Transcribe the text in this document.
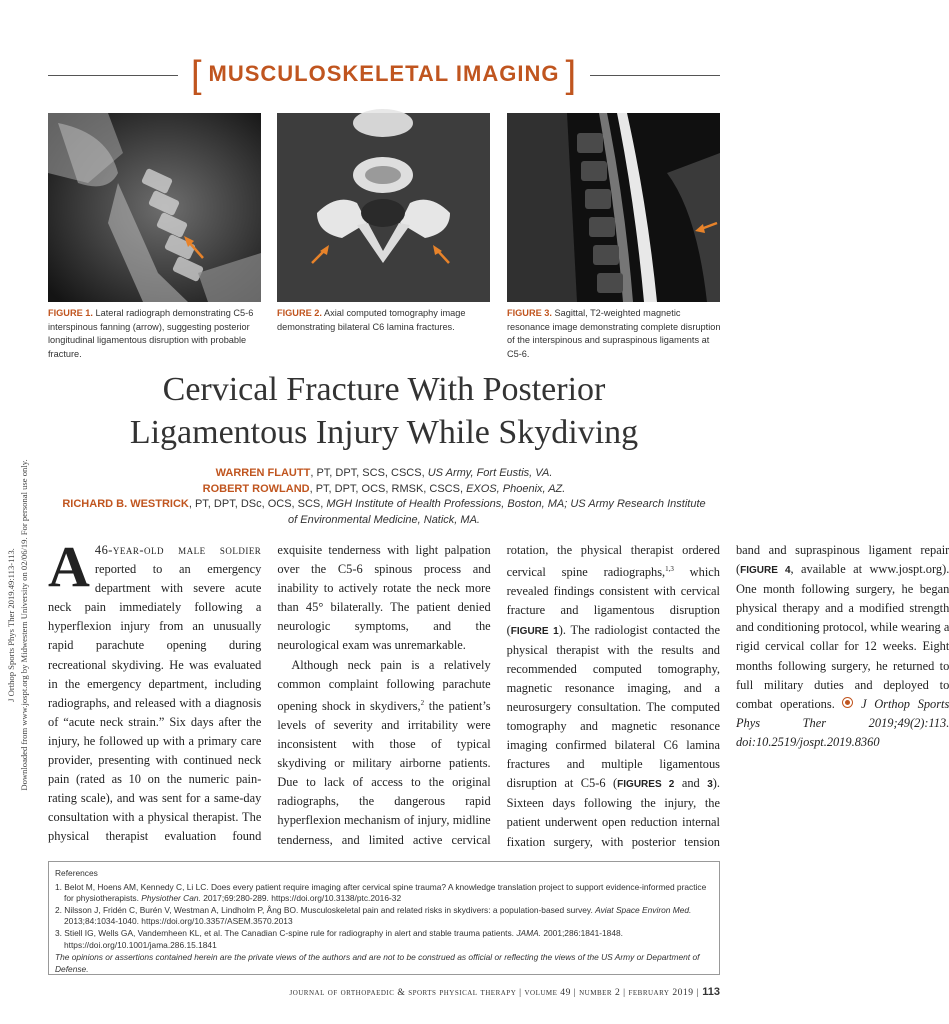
[ MUSCULOSKELETAL IMAGING ]
FIGURE 1. Lateral radiograph demonstrating C5-6 interspinous fanning (arrow), suggesting posterior longitudinal ligamentous disruption with probable fracture.
FIGURE 2. Axial computed tomography image demonstrating bilateral C6 lamina fractures.
FIGURE 3. Sagittal, T2-weighted magnetic resonance image demonstrating complete disruption of the interspinous and supraspinous ligaments at C5-6.
J Orthop Sports Phys Ther 2019.49:113-113. Downloaded from www.jospt.org by Midwestern University on 02/06/19. For personal use only.
Cervical Fracture With Posterior
Ligamentous Injury While Skydiving
WARREN FLAUTT, PT, DPT, SCS, CSCS, US Army, Fort Eustis, VA.
ROBERT ROWLAND, PT, DPT, OCS, RMSK, CSCS, EXOS, Phoenix, AZ.
RICHARD B. WESTRICK, PT, DPT, DSc, OCS, SCS, MGH Institute of Health Professions, Boston, MA; US Army Research Institute
of Environmental Medicine, Natick, MA.

A 46-year-old male soldier reported to an emergency department with severe acute neck pain immediately following a hyperflexion injury from an unusually rapid parachute opening during recreational skydiving. He was evaluated in the emergency department, including radiographs, and released with a diagnosis of “acute neck strain.” Six days after the injury, he followed up with a primary care provider, presenting with continued neck pain (rated as 10 on the numeric pain-rating scale), and was sent for a same-day consultation with a physical therapist. The physical therapist evaluation found exquisite tenderness with light palpation over the C5-6 spinous process and inability to actively rotate the neck more than 45° bilaterally. The patient denied neurologic symptoms, and the neurological exam was unremarkable.

Although neck pain is a relatively common complaint following parachute opening shock in skydivers,$^2$ the patient’s levels of severity and irritability were inconsistent with those of typical skydiving or military airborne patients. Due to lack of access to the original radiographs, the dangerous rapid hyperflexion mechanism of injury, midline tenderness, and limited active cervical rotation, the physical therapist ordered cervical spine radiographs,$^{1,3}$ which revealed findings consistent with cervical fracture and ligamentous disruption (FIGURE 1). The radiologist contacted the physical therapist with the results and recommended computed tomography, magnetic resonance imaging, and a neurosurgery consultation. The computed tomography and magnetic resonance imaging confirmed bilateral C6 lamina fractures and multiple ligamentous disruption at C5-6 (FIGURES 2 and 3). Sixteen days following the injury, the patient underwent open reduction internal fixation surgery, with posterior tension band and supraspinous ligament repair (FIGURE 4, available at www.jospt.org). One month following surgery, he began physical therapy and a modified strength and conditioning protocol, while wearing a rigid cervical collar for 12 weeks. Eight months following surgery, he returned to full military duties and deployed to combat operations. J Orthop Sports Phys Ther 2019;49(2):113. doi:10.2519/jospt.2019.8360

References
1. Belot M, Hoens AM, Kennedy C, Li LC. Does every patient require imaging after cervical spine trauma? A knowledge translation project to support evidence-informed practice for physiotherapists. Physiother Can. 2017;69:280-289. https://doi.org/10.3138/ptc.2016-32
2. Nilsson J, Fridén C, Burén V, Westman A, Lindholm P, Ång BO. Musculoskeletal pain and related risks in skydivers: a population-based survey. Aviat Space Environ Med. 2013;84:1034-1040. https://doi.org/10.3357/ASEM.3570.2013
3. Stiell IG, Wells GA, Vandemheen KL, et al. The Canadian C-spine rule for radiography in alert and stable trauma patients. JAMA. 2001;286:1841-1848. https://doi.org/10.1001/jama.286.15.1841
The opinions or assertions contained herein are the private views of the authors and are not to be construed as official or reflecting the views of the US Army or Department of Defense.
journal of orthopaedic & sports physical therapy | volume 49 | number 2 | february 2019 | 113
